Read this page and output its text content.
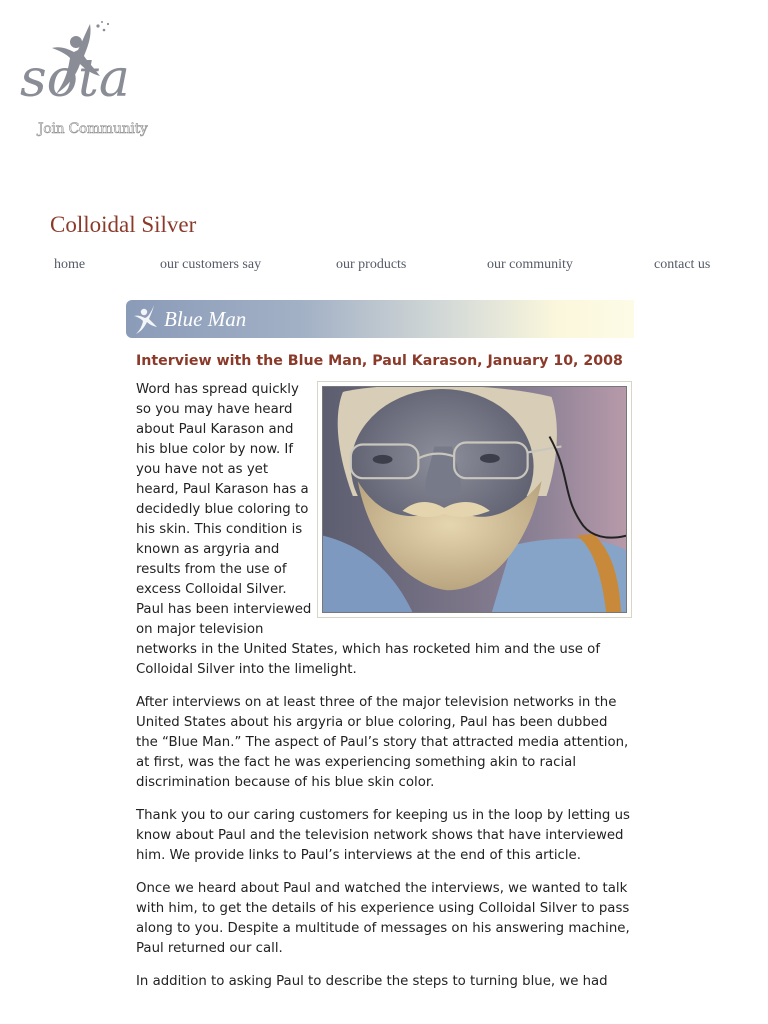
sota
Join Community
Colloidal Silver
home	our customers say	our products	our community	contact us
Blue Man
Interview with the Blue Man, Paul Karason, January 10, 2008

Word has spread quickly so you may have heard about Paul Karason and his blue color by now. If you have not as yet heard, Paul Karason has a decidedly blue coloring to his skin. This condition is known as argyria and results from the use of excess Colloidal Silver. Paul has been interviewed on major television networks in the United States, which has rocketed him and the use of Colloidal Silver into the limelight.

After interviews on at least three of the major television networks in the United States about his argyria or blue coloring, Paul has been dubbed the “Blue Man.” The aspect of Paul’s story that attracted media attention, at first, was the fact he was experiencing something akin to racial discrimination because of his blue skin color.

Thank you to our caring customers for keeping us in the loop by letting us know about Paul and the television network shows that have interviewed him. We provide links to Paul’s interviews at the end of this article.

Once we heard about Paul and watched the interviews, we wanted to talk with him, to get the details of his experience using Colloidal Silver to pass along to you. Despite a multitude of messages on his answering machine, Paul returned our call.

In addition to asking Paul to describe the steps to turning blue, we had
